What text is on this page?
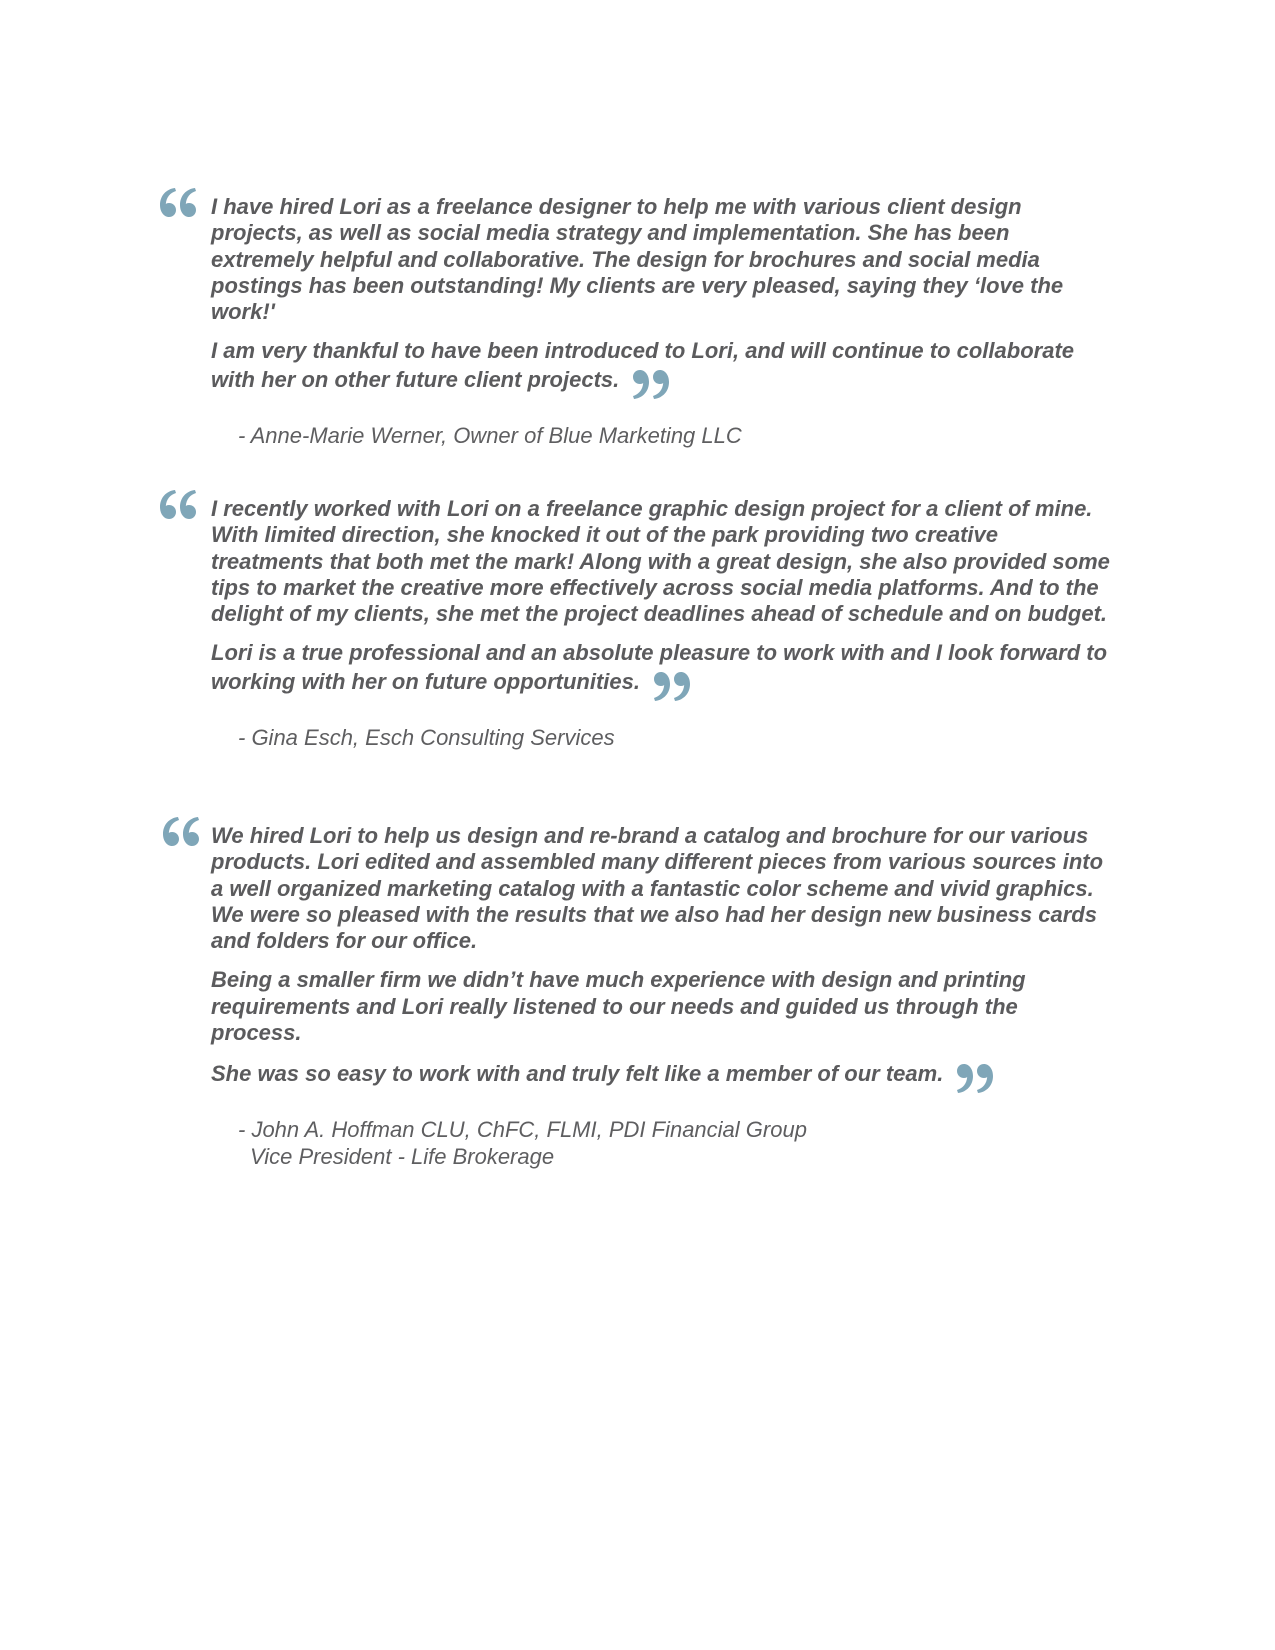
I have hired Lori as a freelance designer to help me with various client design projects, as well as social media strategy and implementation. She has been extremely helpful and collaborative. The design for brochures and social media postings has been outstanding! My clients are very pleased, saying they ‘love the work!'

I am very thankful to have been introduced to Lori, and will continue to collaborate with her on other future client projects.

- Anne-Marie Werner, Owner of Blue Marketing LLC

I recently worked with Lori on a freelance graphic design project for a client of mine. With limited direction, she knocked it out of the park providing two creative treatments that both met the mark! Along with a great design, she also provided some tips to market the creative more effectively across social media platforms. And to the delight of my clients, she met the project deadlines ahead of schedule and on budget.

Lori is a true professional and an absolute pleasure to work with and I look forward to working with her on future opportunities.

- Gina Esch, Esch Consulting Services

We hired Lori to help us design and re-brand a catalog and brochure for our various products. Lori edited and assembled many different pieces from various sources into a well organized marketing catalog with a fantastic color scheme and vivid graphics. We were so pleased with the results that we also had her design new business cards and folders for our office.

Being a smaller firm we didn’t have much experience with design and printing requirements and Lori really listened to our needs and guided us through the process.

She was so easy to work with and truly felt like a member of our team.

- John A. Hoffman CLU, ChFC, FLMI, PDI Financial Group
Vice President - Life Brokerage
